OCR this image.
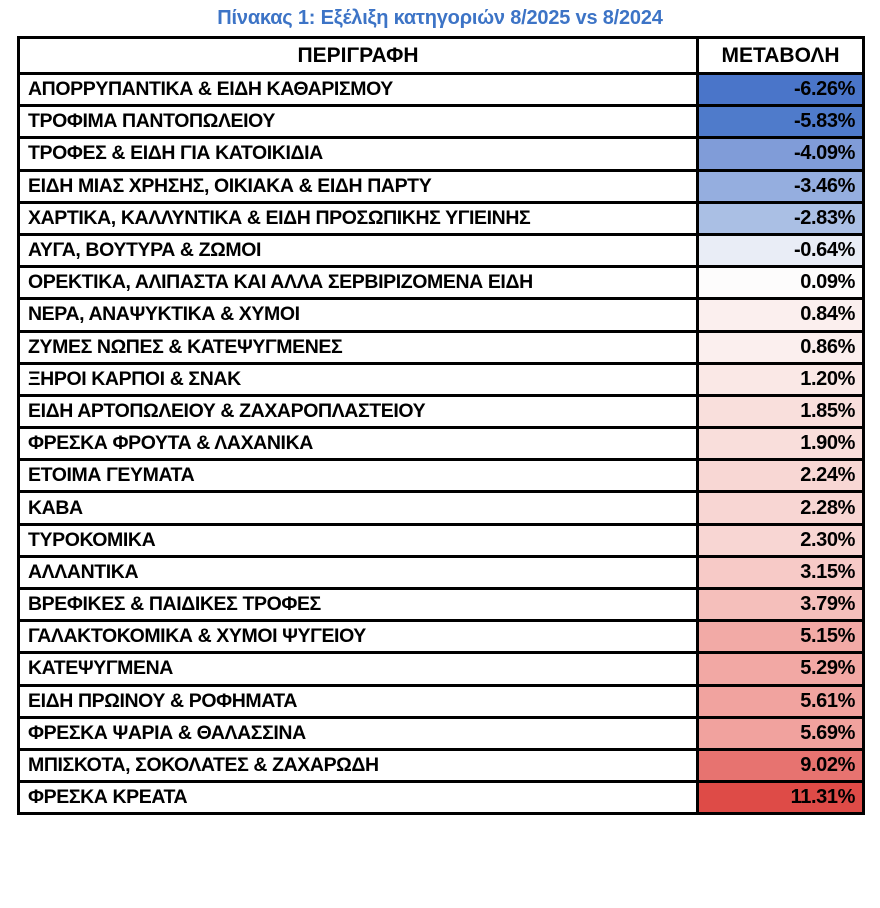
Πίνακας 1: Εξέλιξη κατηγοριών 8/2025 vs 8/2024
ΠΕΡΙΓΡΑΦΗ	ΜΕΤΑΒΟΛΗ
ΑΠΟΡΡΥΠΑΝΤΙΚΑ & ΕΙΔΗ ΚΑΘΑΡΙΣΜΟΥ	-6.26%
ΤΡΟΦΙΜΑ ΠΑΝΤΟΠΩΛΕΙΟΥ	-5.83%
ΤΡΟΦΕΣ & ΕΙΔΗ ΓΙΑ ΚΑΤΟΙΚΙΔΙΑ	-4.09%
ΕΙΔΗ ΜΙΑΣ ΧΡΗΣΗΣ, ΟΙΚΙΑΚΑ & ΕΙΔΗ ΠΑΡΤΥ	-3.46%
ΧΑΡΤΙΚΑ, ΚΑΛΛΥΝΤΙΚΑ & ΕΙΔΗ ΠΡΟΣΩΠΙΚΗΣ ΥΓΙΕΙΝΗΣ	-2.83%
ΑΥΓΑ, ΒΟΥΤΥΡΑ & ΖΩΜΟΙ	-0.64%
ΟΡΕΚΤΙΚΑ, ΑΛΙΠΑΣΤΑ ΚΑΙ ΑΛΛΑ ΣΕΡΒΙΡΙΖΟΜΕΝΑ ΕΙΔΗ	0.09%
ΝΕΡΑ, ΑΝΑΨΥΚΤΙΚΑ & ΧΥΜΟΙ	0.84%
ΖΥΜΕΣ ΝΩΠΕΣ & ΚΑΤΕΨΥΓΜΕΝΕΣ	0.86%
ΞΗΡΟΙ ΚΑΡΠΟΙ & ΣΝΑΚ	1.20%
ΕΙΔΗ ΑΡΤΟΠΩΛΕΙΟΥ & ΖΑΧΑΡΟΠΛΑΣΤΕΙΟΥ	1.85%
ΦΡΕΣΚΑ ΦΡΟΥΤΑ & ΛΑΧΑΝΙΚΑ	1.90%
ΕΤΟΙΜΑ ΓΕΥΜΑΤΑ	2.24%
ΚΑΒΑ	2.28%
ΤΥΡΟΚΟΜΙΚΑ	2.30%
ΑΛΛΑΝΤΙΚΑ	3.15%
ΒΡΕΦΙΚΕΣ & ΠΑΙΔΙΚΕΣ ΤΡΟΦΕΣ	3.79%
ΓΑΛΑΚΤΟΚΟΜΙΚΑ & ΧΥΜΟΙ ΨΥΓΕΙΟΥ	5.15%
ΚΑΤΕΨΥΓΜΕΝΑ	5.29%
ΕΙΔΗ ΠΡΩΙΝΟΥ & ΡΟΦΗΜΑΤΑ	5.61%
ΦΡΕΣΚΑ ΨΑΡΙΑ & ΘΑΛΑΣΣΙΝΑ	5.69%
ΜΠΙΣΚΟΤΑ, ΣΟΚΟΛΑΤΕΣ & ΖΑΧΑΡΩΔΗ	9.02%
ΦΡΕΣΚΑ ΚΡΕΑΤΑ	11.31%
